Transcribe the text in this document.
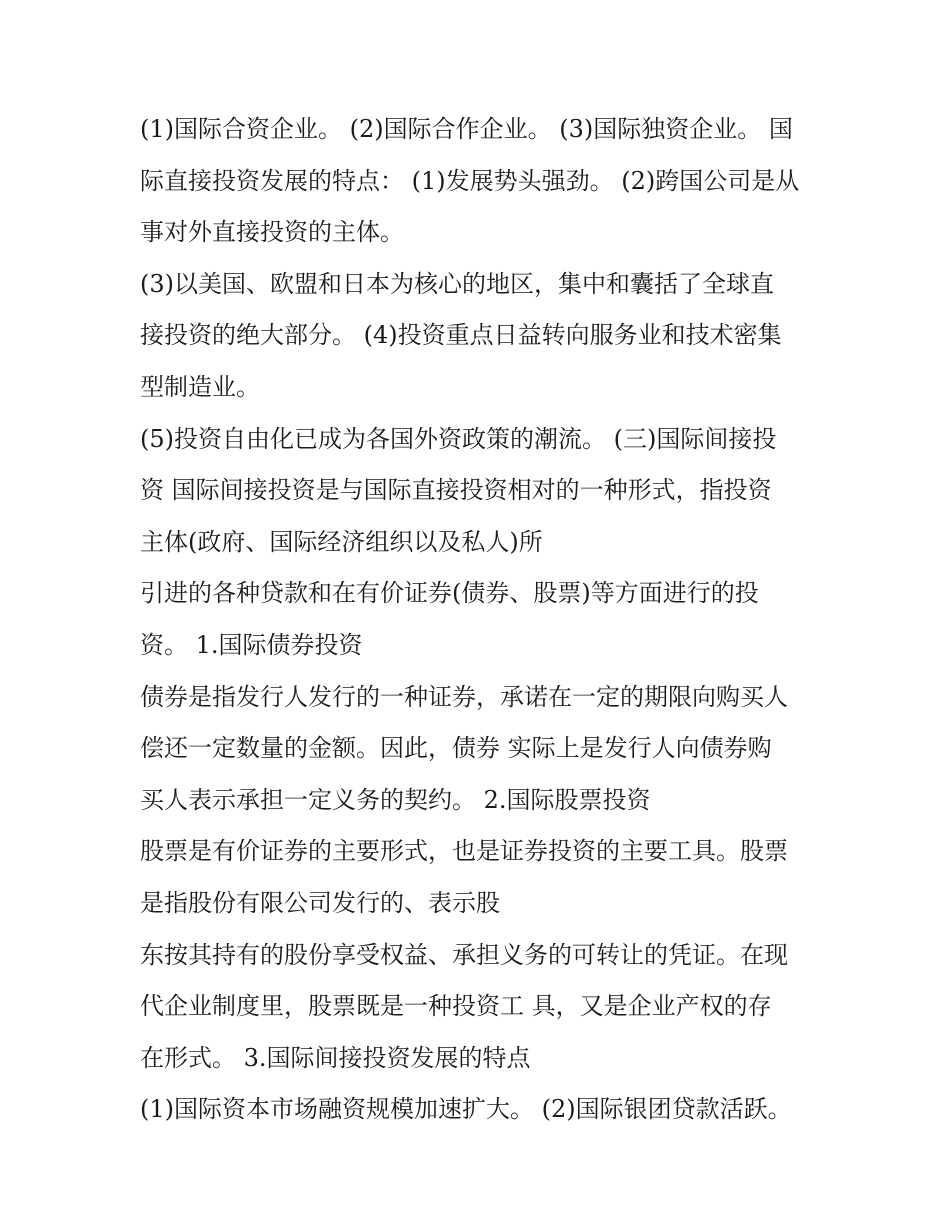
(1)国际合资企业。 (2)国际合作企业。 (3)国际独资企业。 国
际直接投资发展的特点： (1)发展势头强劲。 (2)跨国公司是从
事对外直接投资的主体。
(3)以美国、欧盟和日本为核心的地区，集中和囊括了全球直
接投资的绝大部分。 (4)投资重点日益转向服务业和技术密集
型制造业。
(5)投资自由化已成为各国外资政策的潮流。 (三)国际间接投
资 国际间接投资是与国际直接投资相对的一种形式，指投资
主体(政府、国际经济组织以及私人)所
引进的各种贷款和在有价证券(债券、股票)等方面进行的投
资。 1.国际债券投资
债券是指发行人发行的一种证券，承诺在一定的期限向购买人
偿还一定数量的金额。因此，债券 实际上是发行人向债券购
买人表示承担一定义务的契约。 2.国际股票投资
股票是有价证券的主要形式，也是证券投资的主要工具。股票
是指股份有限公司发行的、表示股
东按其持有的股份享受权益、承担义务的可转让的凭证。在现
代企业制度里，股票既是一种投资工 具，又是企业产权的存
在形式。 3.国际间接投资发展的特点
(1)国际资本市场融资规模加速扩大。 (2)国际银团贷款活跃。
